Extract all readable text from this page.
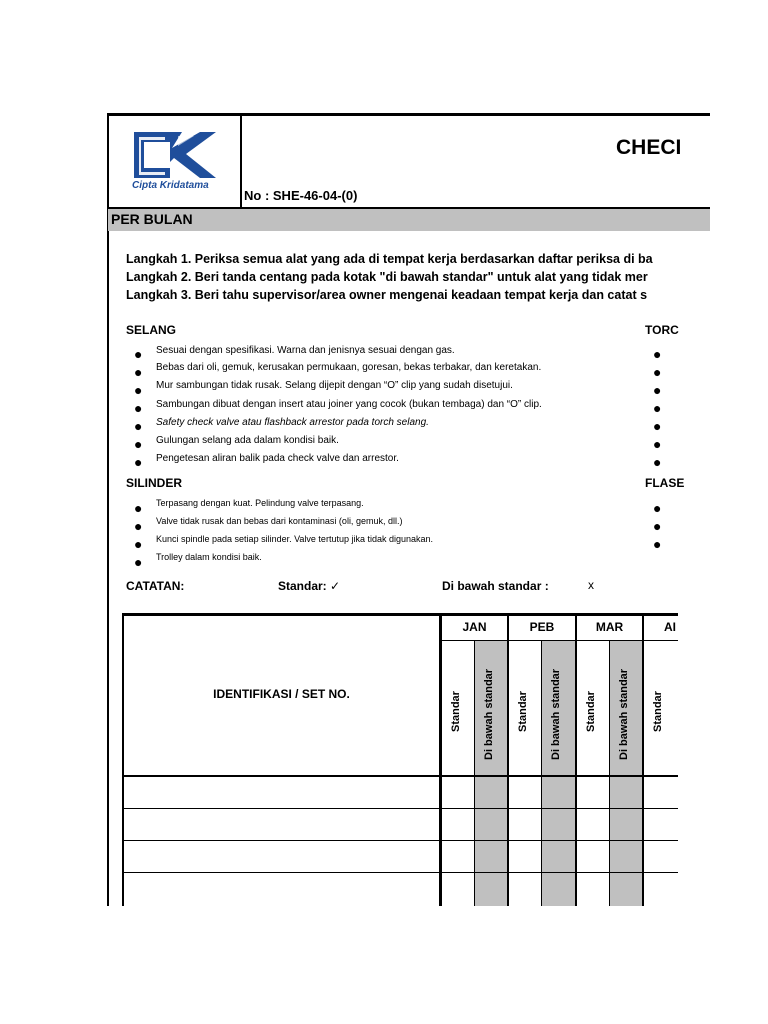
Cipta Kridatama
CHECI
No : SHE-46-04-(0)
PER BULAN
Langkah 1. Periksa semua alat yang ada di tempat kerja berdasarkan daftar periksa di ba
Langkah 2. Beri tanda centang pada kotak "di bawah standar" untuk alat yang tidak mer
Langkah 3. Beri tahu supervisor/area owner mengenai keadaan tempat kerja dan catat s
SELANG	TORC
● Sesuai dengan spesifikasi. Warna dan jenisnya sesuai dengan gas.
● Bebas dari oli, gemuk, kerusakan permukaan, goresan, bekas terbakar, dan keretakan.
● Mur sambungan tidak rusak. Selang dijepit dengan “O” clip yang sudah disetujui.
● Sambungan dibuat dengan insert atau joiner yang cocok (bukan tembaga) dan “O” clip.
● Safety check valve atau flashback arrestor pada torch selang.
● Gulungan selang ada dalam kondisi baik.
● Pengetesan aliran balik pada check valve dan arrestor.
●
●
●
●
●
●
●
SILINDER	FLASE
● Terpasang dengan kuat. Pelindung valve terpasang.
● Valve tidak rusak dan bebas dari kontaminasi (oli, gemuk, dll.)
● Kunci spindle pada setiap silinder. Valve tertutup jika tidak digunakan.
● Trolley dalam kondisi baik.
●
●
●
CATATAN:	Standar: ✓	Di bawah standar :	x
IDENTIFIKASI / SET NO.
JAN	PEB	MAR	AI
Standar Di bawah standar Standar Di bawah standar Standar Di bawah standar Standar
